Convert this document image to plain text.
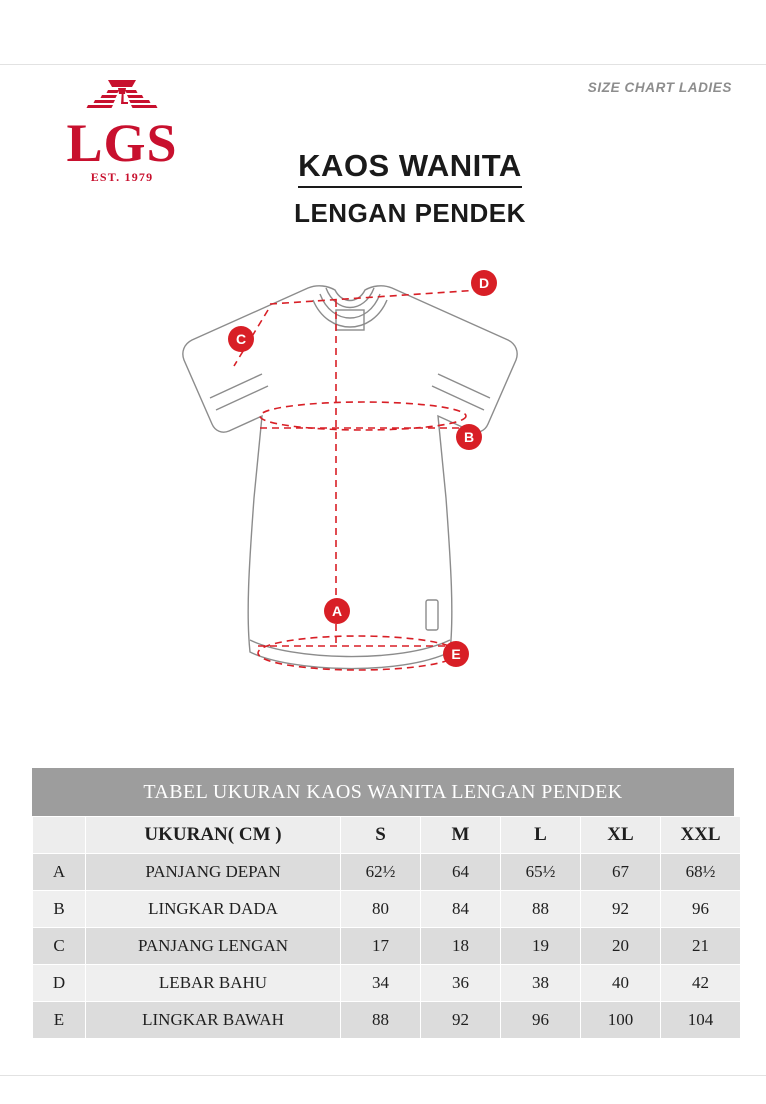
SIZE CHART LADIES
LGS
EST. 1979	KAOS WANITA
LENGAN PENDEK
A
B
C
D
E
TABEL UKURAN KAOS WANITA LENGAN PENDEK
	UKURAN( CM )	S	M	L	XL	XXL
A	PANJANG DEPAN	62½	64	65½	67	68½
B	LINGKAR DADA	80	84	88	92	96
C	PANJANG LENGAN	17	18	19	20	21
D	LEBAR BAHU	34	36	38	40	42
E	LINGKAR BAWAH	88	92	96	100	104
